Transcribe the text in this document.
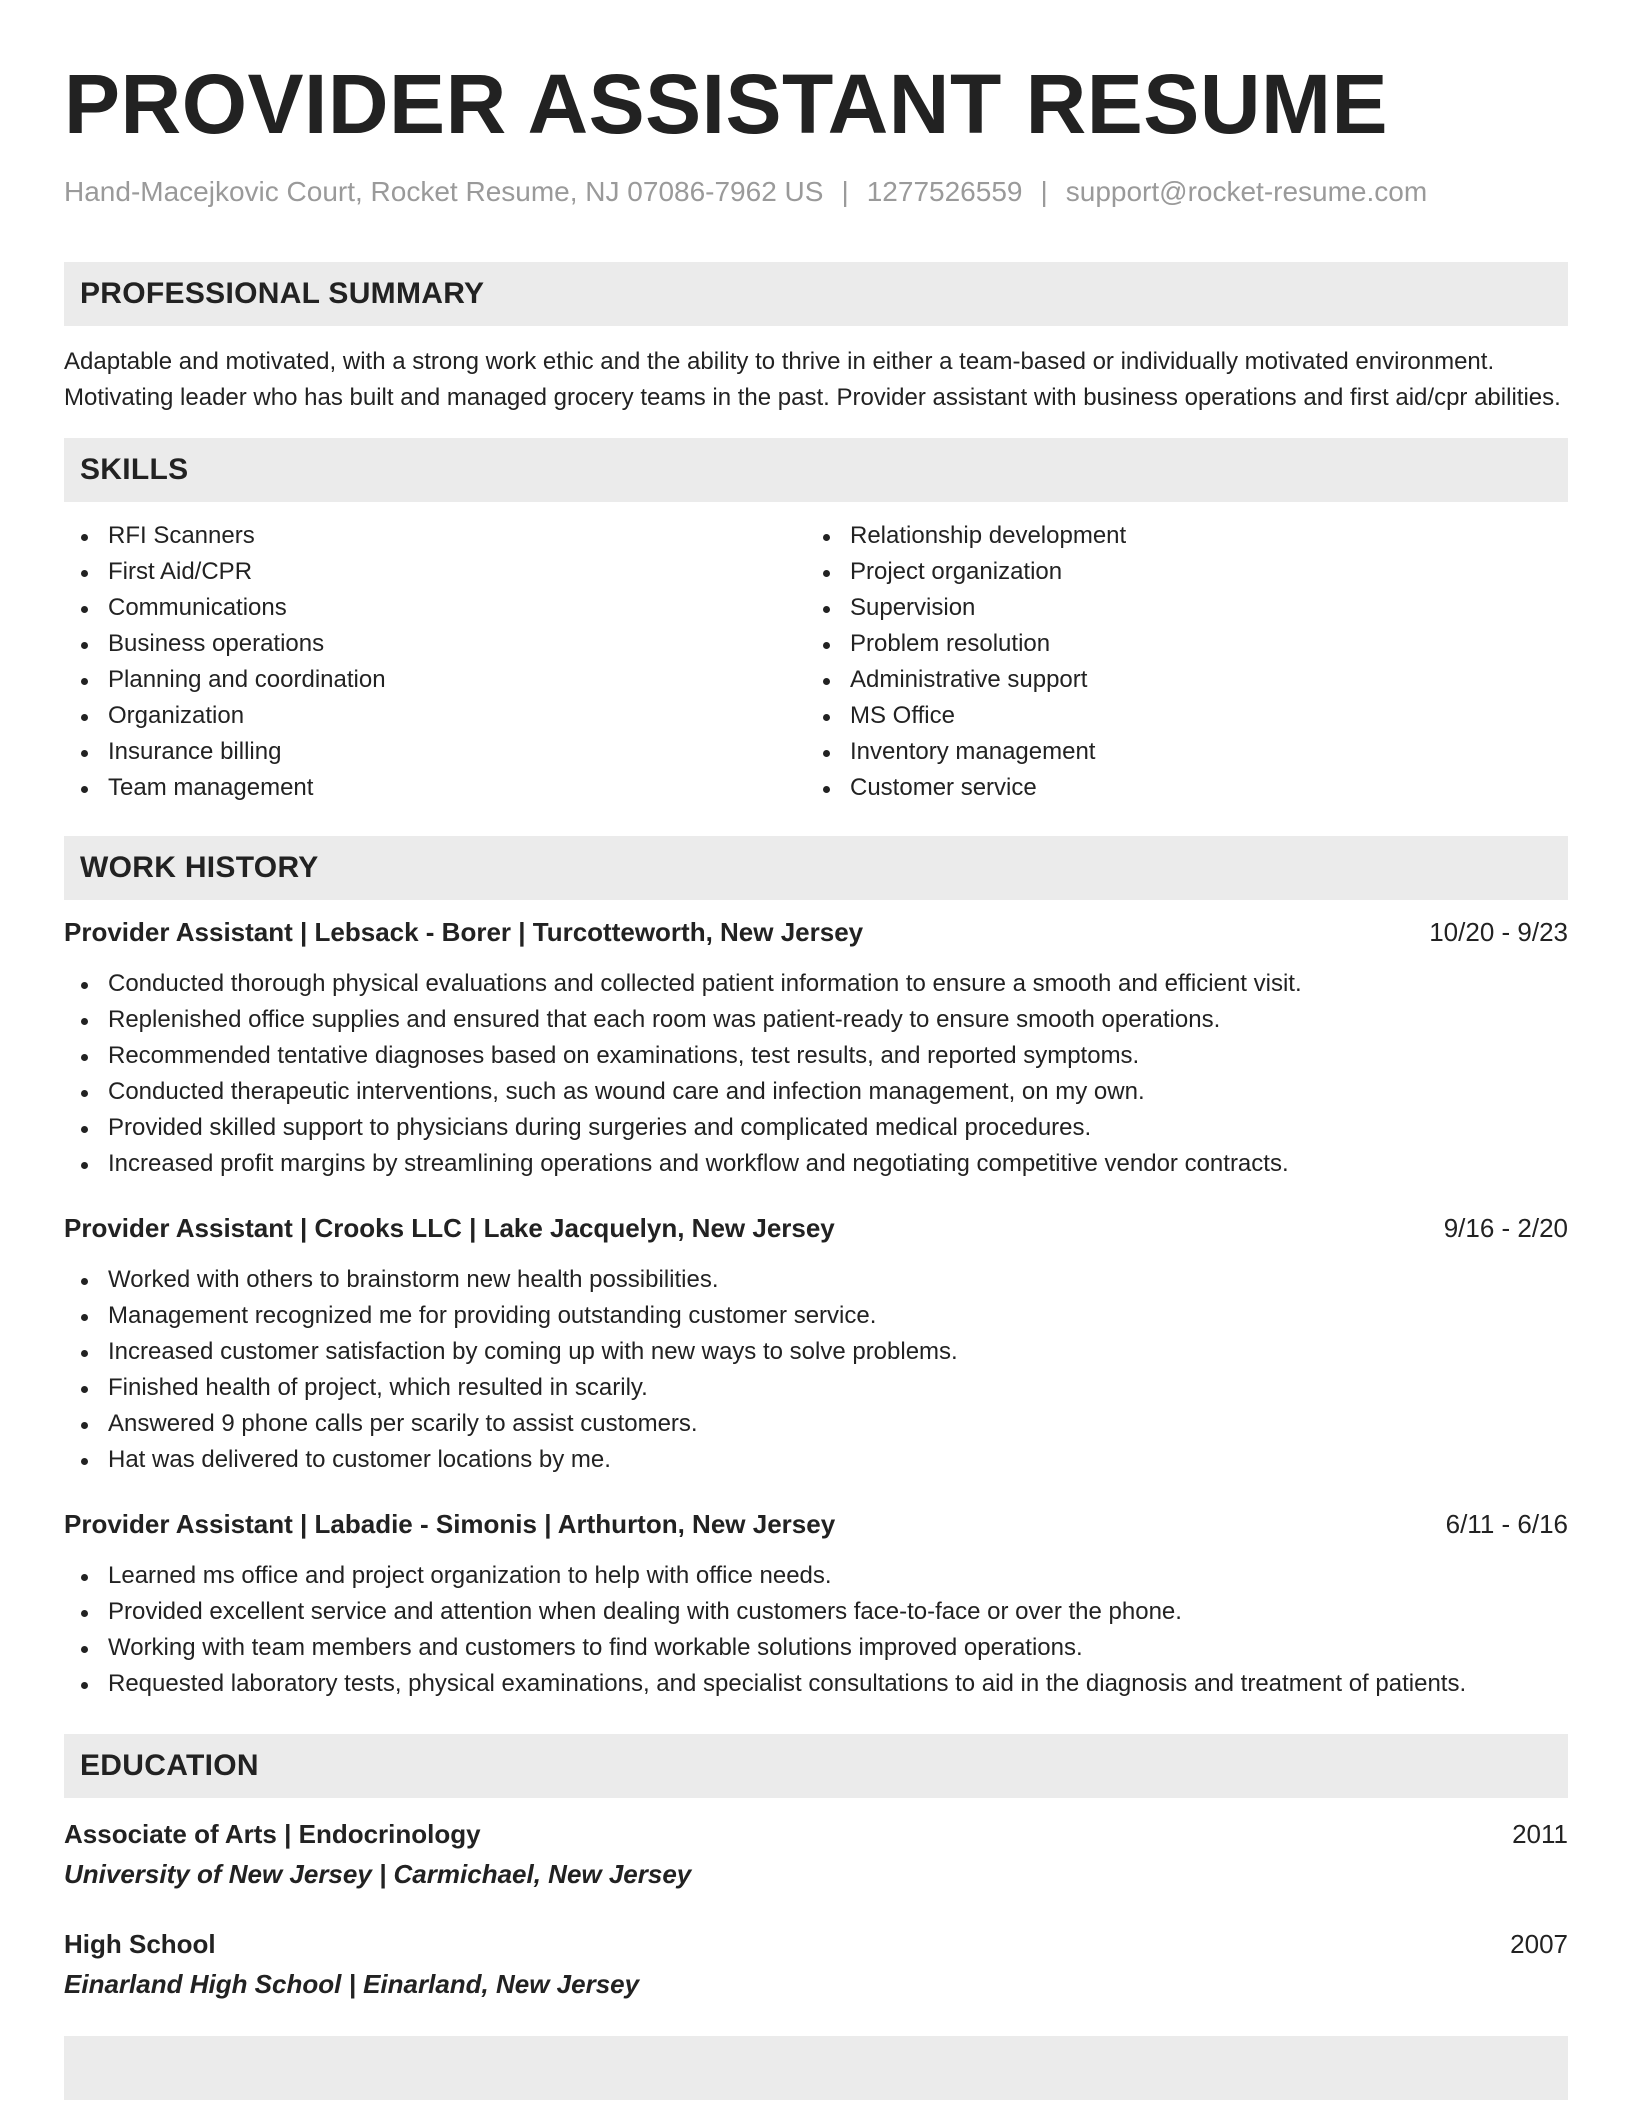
PROVIDER ASSISTANT RESUME
Hand-Macejkovic Court, Rocket Resume, NJ 07086-7962 US | 1277526559 | support@rocket-resume.com
PROFESSIONAL SUMMARY

Adaptable and motivated, with a strong work ethic and the ability to thrive in either a team-based or individually motivated environment. Motivating leader who has built and managed grocery teams in the past. Provider assistant with business operations and first aid/cpr abilities.

SKILLS
RFI Scanners
First Aid/CPR
Communications
Business operations
Planning and coordination
Organization
Insurance billing
Team management
Relationship development
Project organization
Supervision
Problem resolution
Administrative support
MS Office
Inventory management
Customer service
WORK HISTORY
Provider Assistant | Lebsack - Borer | Turcotteworth, New Jersey	10/20 - 9/23
Conducted thorough physical evaluations and collected patient information to ensure a smooth and efficient visit.
Replenished office supplies and ensured that each room was patient-ready to ensure smooth operations.
Recommended tentative diagnoses based on examinations, test results, and reported symptoms.
Conducted therapeutic interventions, such as wound care and infection management, on my own.
Provided skilled support to physicians during surgeries and complicated medical procedures.
Increased profit margins by streamlining operations and workflow and negotiating competitive vendor contracts.
Provider Assistant | Crooks LLC | Lake Jacquelyn, New Jersey	9/16 - 2/20
Worked with others to brainstorm new health possibilities.
Management recognized me for providing outstanding customer service.
Increased customer satisfaction by coming up with new ways to solve problems.
Finished health of project, which resulted in scarily.
Answered 9 phone calls per scarily to assist customers.
Hat was delivered to customer locations by me.
Provider Assistant | Labadie - Simonis | Arthurton, New Jersey	6/11 - 6/16
Learned ms office and project organization to help with office needs.
Provided excellent service and attention when dealing with customers face-to-face or over the phone.
Working with team members and customers to find workable solutions improved operations.
Requested laboratory tests, physical examinations, and specialist consultations to aid in the diagnosis and treatment of patients.
EDUCATION
Associate of Arts | Endocrinology	2011
University of New Jersey | Carmichael, New Jersey
High School	2007
Einarland High School | Einarland, New Jersey
